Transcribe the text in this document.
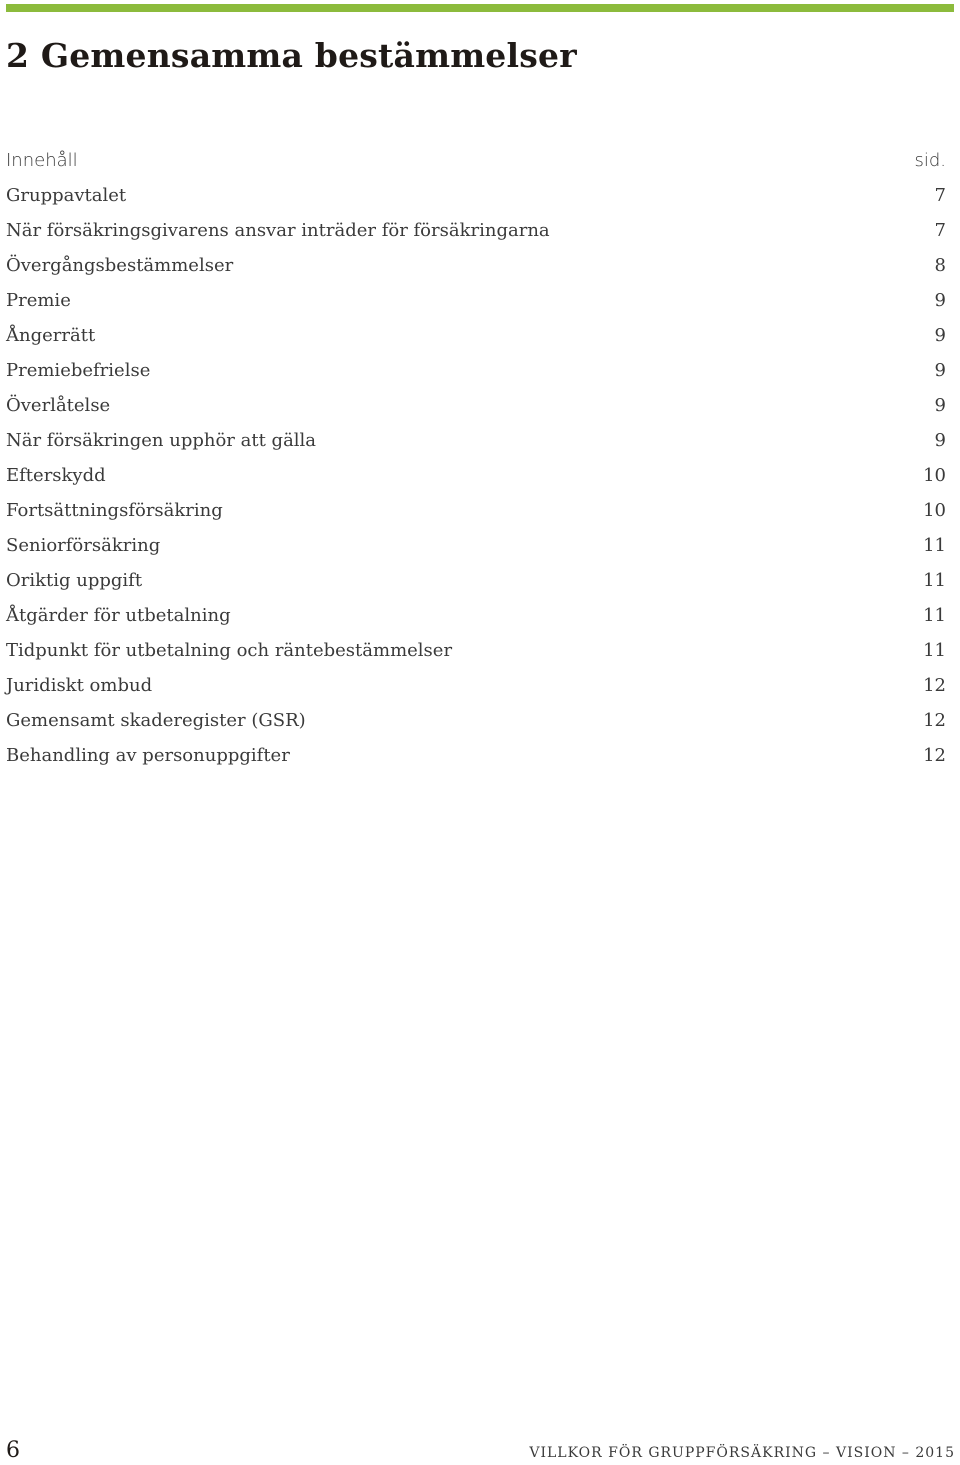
2 Gemensamma bestämmelser
Innehåll	sid.
Gruppavtalet	7
När försäkringsgivarens ansvar inträder för försäkringarna	7
Övergångsbestämmelser	8
Premie	9
Ångerrätt	9
Premiebefrielse	9
Överlåtelse	9
När försäkringen upphör att gälla	9
Efterskydd	10
Fortsättningsförsäkring	10
Seniorförsäkring	11
Oriktig uppgift	11
Åtgärder för utbetalning	11
Tidpunkt för utbetalning och räntebestämmelser	11
Juridiskt ombud	12
Gemensamt skaderegister (GSR)	12
Behandling av personuppgifter	12
6	VILLKOR FÖR GRUPPFÖRSÄKRING – VISION – 2015
